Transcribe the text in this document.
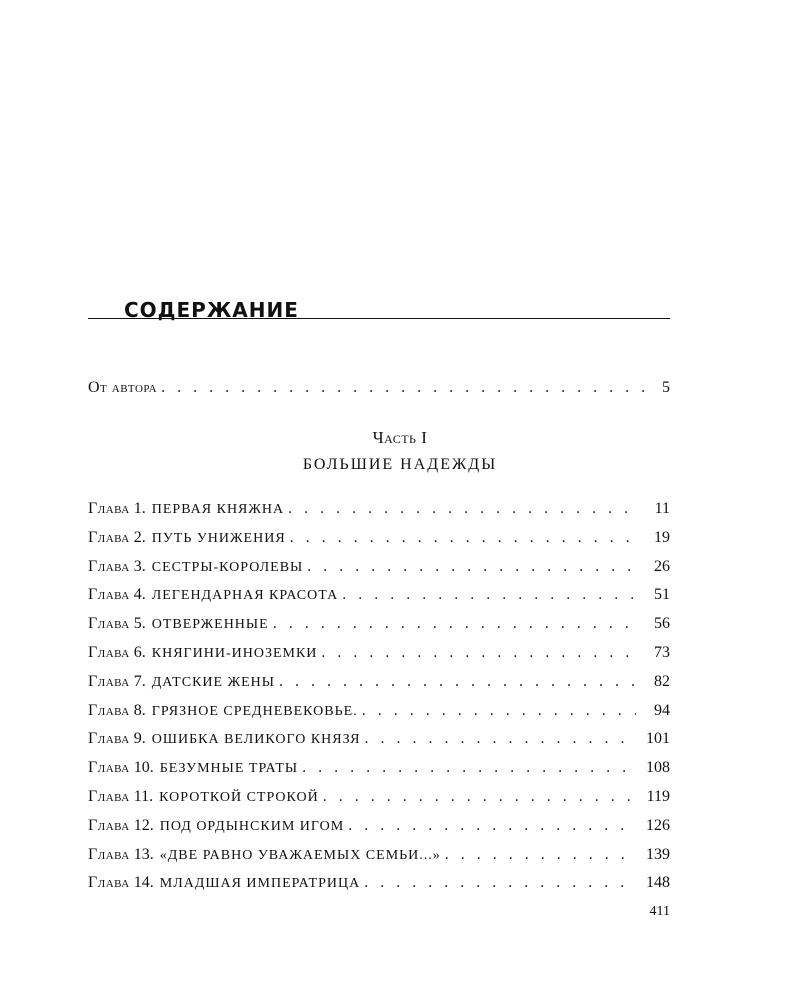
СОДЕРЖАНИЕ
От автора . . .	5
Часть I
БОЛЬШИЕ НАДЕЖДЫ
Глава 1. ПЕРВАЯ КНЯЖНА . . .	11
Глава 2. ПУТЬ УНИЖЕНИЯ . . .	19
Глава 3. СЕСТРЫ-КОРОЛЕВЫ . . .	26
Глава 4. ЛЕГЕНДАРНАЯ КРАСОТА . . .	51
Глава 5. ОТВЕРЖЕННЫЕ . . .	56
Глава 6. КНЯГИНИ-ИНОЗЕМКИ . . .	73
Глава 7. ДАТСКИЕ ЖЕНЫ . . .	82
Глава 8. ГРЯЗНОЕ СРЕДНЕВЕКОВЬЕ. . . .	94
Глава 9. ОШИБКА ВЕЛИКОГО КНЯЗЯ . . .	101
Глава 10. БЕЗУМНЫЕ ТРАТЫ . . .	108
Глава 11. КОРОТКОЙ СТРОКОЙ . . .	119
Глава 12. ПОД ОРДЫНСКИМ ИГОМ . . .	126
Глава 13. «ДВЕ РАВНО УВАЖАЕМЫХ СЕМЬИ...» . . .	139
Глава 14. МЛАДШАЯ ИМПЕРАТРИЦА . . .	148
411
